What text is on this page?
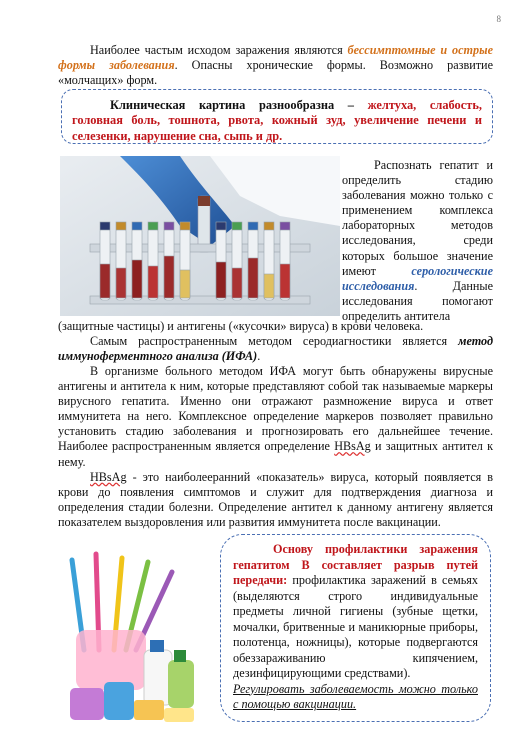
8

Наиболее частым исходом заражения являются бессимптомные и острые формы заболевания. Опасны хронические формы. Возможно развитие «молчащих» форм.

Клиническая картина разнообразна – желтуха, слабость, головная боль, тошнота, рвота, кожный зуд, увеличение печени и селезенки, нарушение сна, сыпь и др.

Распознать гепатит и определить стадию заболевания можно только с применением комплекса лабораторных методов исследования, среди которых большое значение имеют серологические исследования. Данные исследования помогают определить антитела

(защитные частицы) и антигены («кусочки» вируса) в крови человека.

Самым распространенным методом серодиагностики является метод иммуноферментного анализа (ИФА).

В организме больного методом ИФА могут быть обнаружены вирусные антигены и антитела к ним, которые представляют собой так называемые маркеры вирусного гепатита. Именно они отражают размножение вируса и ответ иммунитета на него. Комплексное определение маркеров позволяет правильно установить стадию заболевания и прогнозировать его дальнейшее течение. Наиболее распространенным является определение HBsAg и защитных антител к нему.

HBsAg - это наиболееранний «показатель» вируса, который появляется в крови до появления симптомов и служит для подтверждения диагноза и определения стадии болезни. Определение антител к данному антигену является показателем выздоровления или развития иммунитета после вакцинации.

Основу профилактики заражения гепатитом В составляет разрыв путей передачи: профилактика заражений в семьях (выделяются строго индивидуальные предметы личной гигиены (зубные щетки, мочалки, бритвенные и маникюрные приборы, полотенца, ножницы), которые подвергаются обеззараживанию кипячением, дезинфицирующими средствами).
Регулировать заболеваемость можно только с помощью вакцинации.
